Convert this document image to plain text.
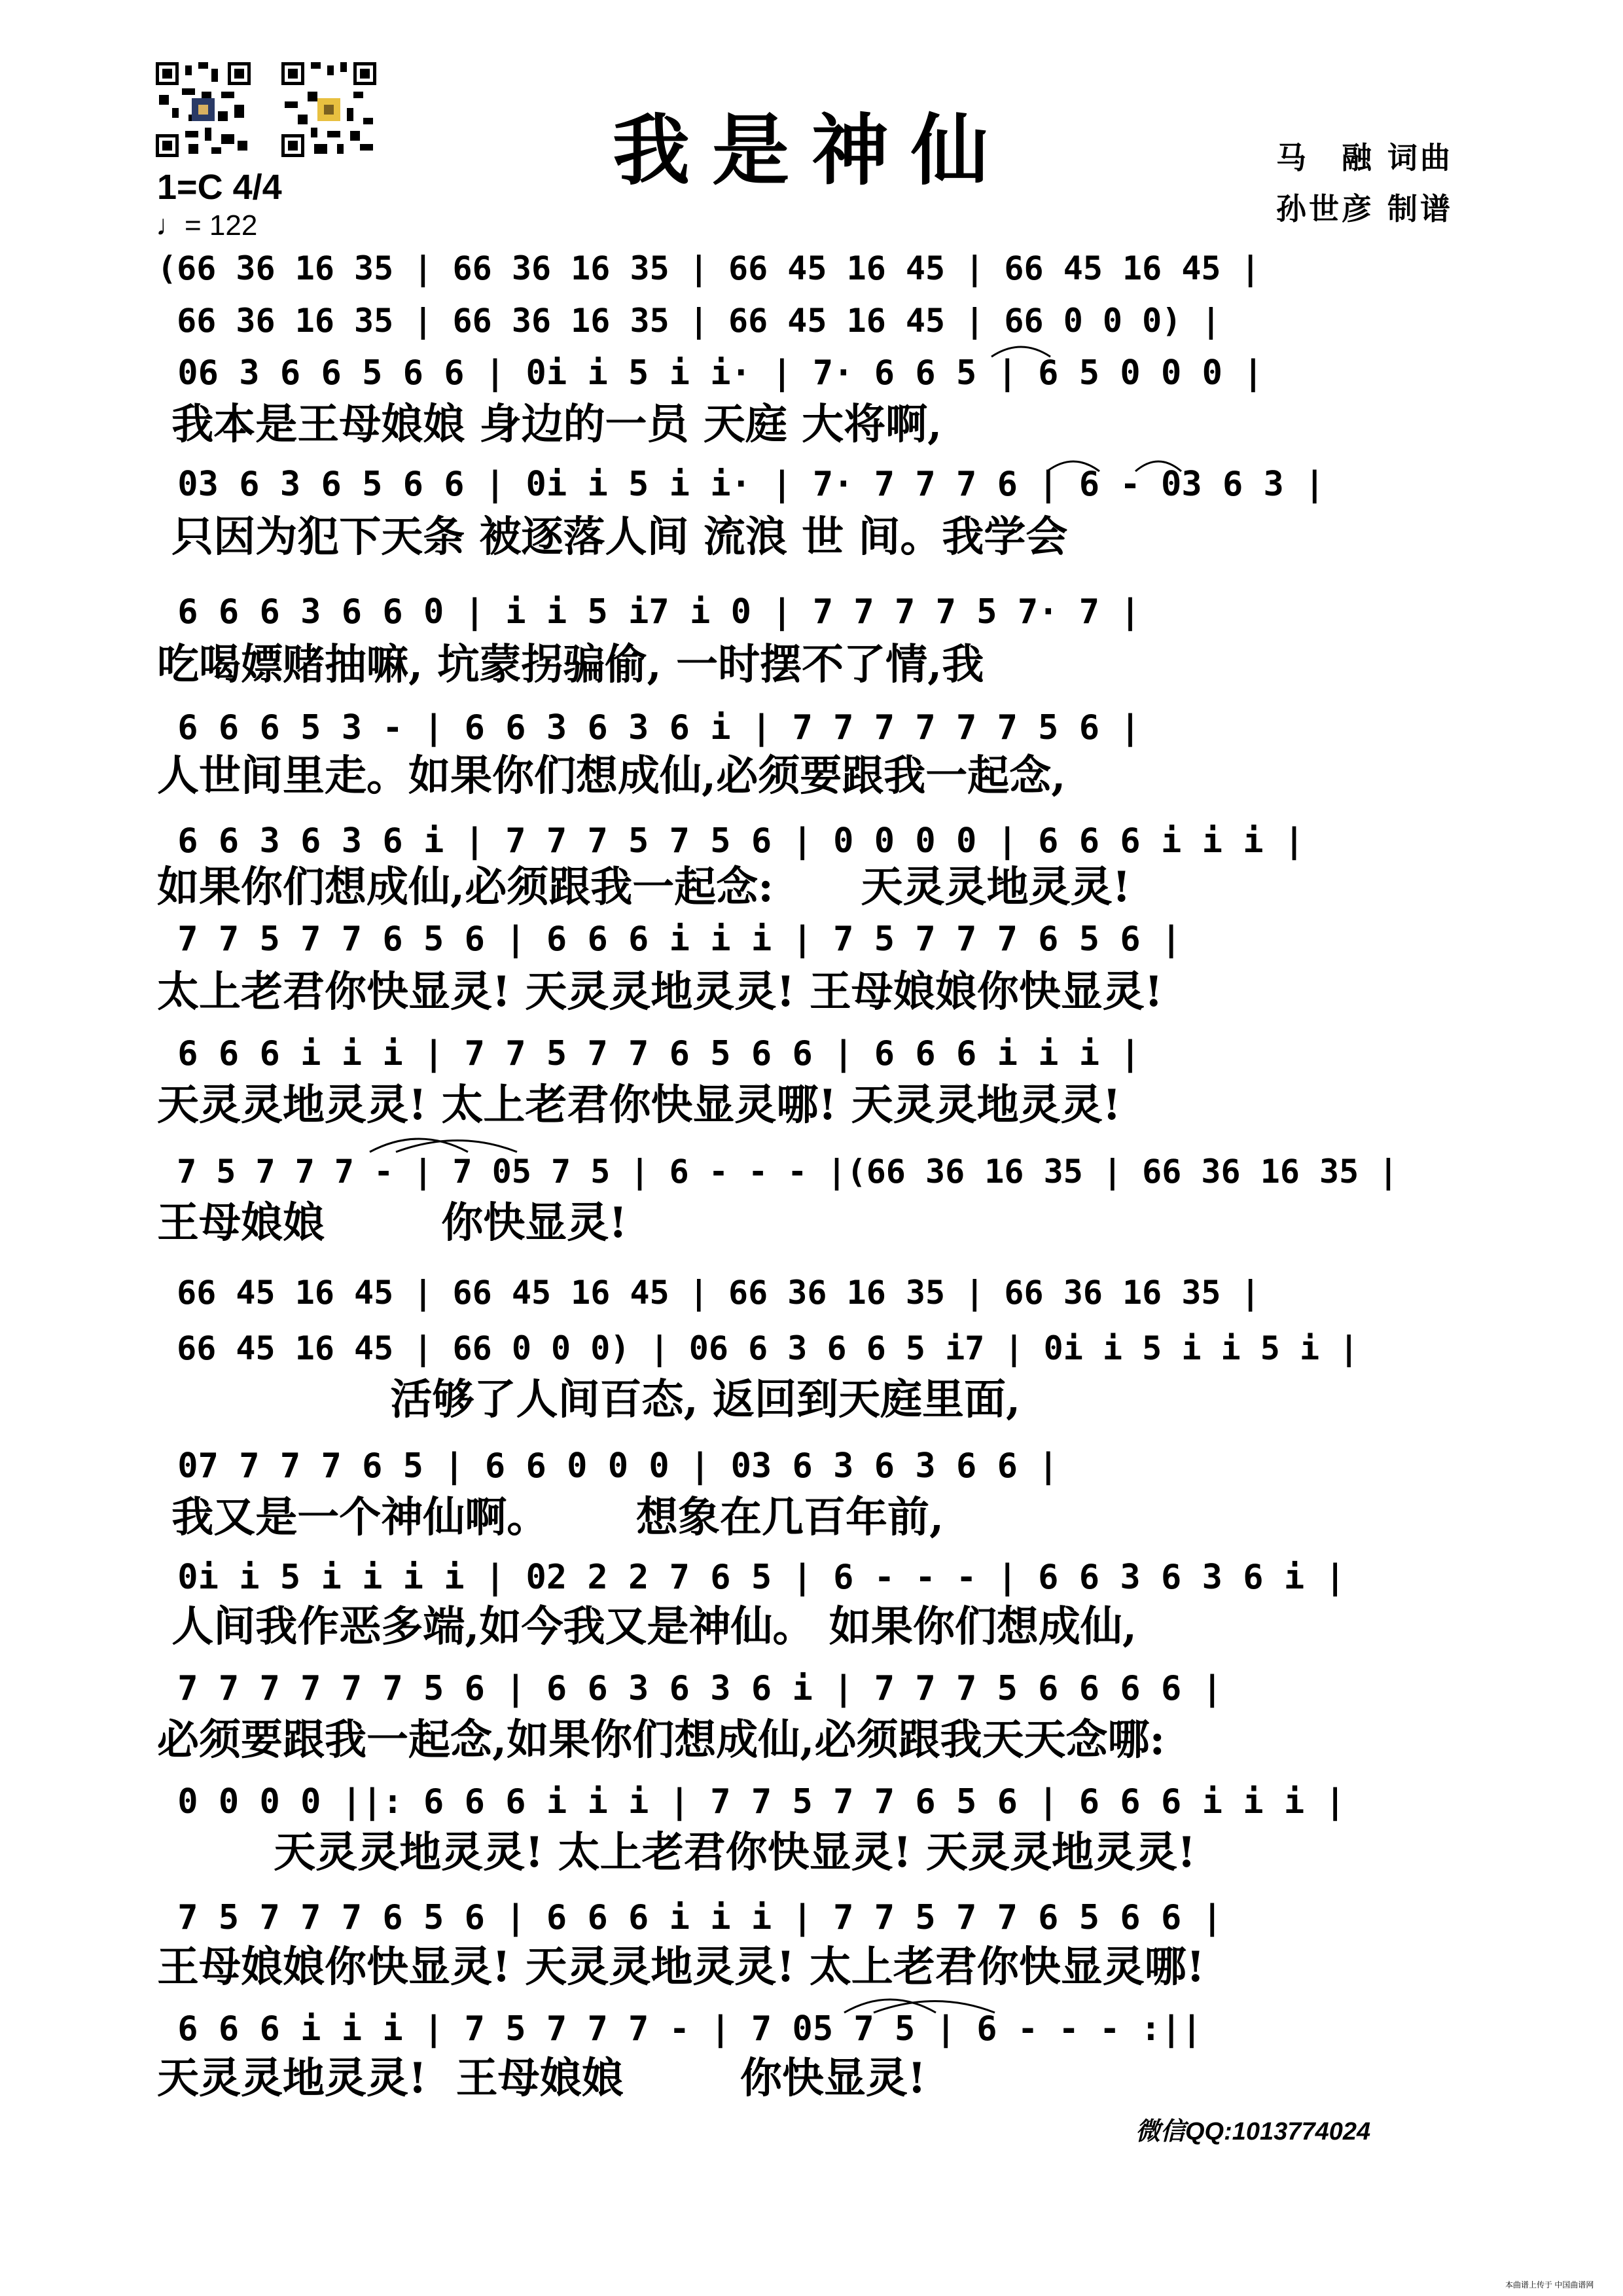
我是神仙	马　融 词曲
孙世彦 制谱
1=C 4/4
♩= 122
(66 36 16 35 | 66 36 16 35 | 66 45 16 45 | 66 45 16 45 |
66 36 16 35 | 66 36 16 35 | 66 45 16 45 | 66 0 0 0) |
06 3 6 6 5 6 6 | 0i i 5 i i· | 7· 6 6 5 | 6 5 0 0 0 |
我本是王母娘娘 身边的一员 天庭 大将啊,
03 6 3 6 5 6 6 | 0i i 5 i i· | 7· 7 7 7 6 | 6 - 03 6 3 |
只因为犯下天条 被逐落人间 流浪 世 间。我学会
6 6 6 3 6 6 0 | i i 5 i7 i 0 | 7 7 7 7 5 7· 7 |
吃喝嫖赌抽嘛, 坑蒙拐骗偷, 一时摆不了情,我
6 6 6 5 3 - | 6 6 3 6 3 6 i | 7 7 7 7 7 7 5 6 |
人世间里走。如果你们想成仙,必须要跟我一起念,
6 6 3 6 3 6 i | 7 7 7 5 7 5 6 | 0 0 0 0 | 6 6 6 i i i |
如果你们想成仙,必须跟我一起念:      天灵灵地灵灵!
7 7 5 7 7 6 5 6 | 6 6 6 i i i | 7 5 7 7 7 6 5 6 |
太上老君你快显灵! 天灵灵地灵灵! 王母娘娘你快显灵!
6 6 6 i i i | 7 7 5 7 7 6 5 6 6 | 6 6 6 i i i |
天灵灵地灵灵! 太上老君你快显灵哪! 天灵灵地灵灵!
7 5 7 7 7 - | 7 05 7 5 | 6 - - - |(66 36 16 35 | 66 36 16 35 |
王母娘娘        你快显灵!
66 45 16 45 | 66 45 16 45 | 66 36 16 35 | 66 36 16 35 |
66 45 16 45 | 66 0 0 0) | 06 6 3 6 6 5 i7 | 0i i 5 i i 5 i |
活够了人间百态, 返回到天庭里面,
07 7 7 7 6 5 | 6 6 0 0 0 | 03 6 3 6 3 6 6 |
我又是一个神仙啊。      想象在几百年前,
0i i 5 i i i i | 02 2 2 7 6 5 | 6 - - - | 6 6 3 6 3 6 i |
人间我作恶多端,如今我又是神仙。 如果你们想成仙,
7 7 7 7 7 7 5 6 | 6 6 3 6 3 6 i | 7 7 7 5 6 6 6 6 |
必须要跟我一起念,如果你们想成仙,必须跟我天天念哪:
0 0 0 0 ||: 6 6 6 i i i | 7 7 5 7 7 6 5 6 | 6 6 6 i i i |
天灵灵地灵灵! 太上老君你快显灵! 天灵灵地灵灵!
7 5 7 7 7 6 5 6 | 6 6 6 i i i | 7 7 5 7 7 6 5 6 6 |
王母娘娘你快显灵! 天灵灵地灵灵! 太上老君你快显灵哪!
6 6 6 i i i | 7 5 7 7 7 - | 7 05 7 5 | 6 - - - :||
天灵灵地灵灵!  王母娘娘        你快显灵!
微信QQ:1013774024
本曲谱上传于 中国曲谱网
